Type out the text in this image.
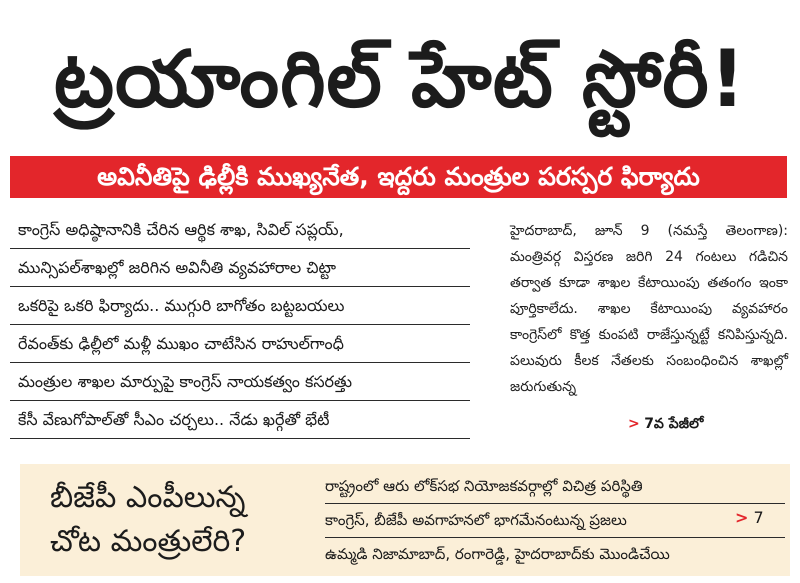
ట్రయాంగిల్ హేట్ స్టోరీ!
అవినీతిపై ఢిల్లీకి ముఖ్యనేత, ఇద్దరు మంత్రుల పరస్పర ఫిర్యాదు
కాంగ్రెస్ అధిష్ఠానానికి చేరిన ఆర్థిక శాఖ, సివిల్ సప్లయ్,
మున్సిపల్‌శాఖల్లో జరిగిన అవినీతి వ్యవహారాల చిట్టా
ఒకరిపై ఒకరి ఫిర్యాదు.. ముగ్గురి బాగోతం బట్టబయలు
రేవంత్‌కు ఢిల్లీలో మళ్లీ ముఖం చాటేసిన రాహుల్‌గాంధీ
మంత్రుల శాఖల మార్పుపై కాంగ్రెస్ నాయకత్వం కసరత్తు
కేసీ వేణుగోపాల్‌తో సీఎం చర్చలు.. నేడు ఖర్గేతో భేటీ
హైదరాబాద్, జూన్ 9 (నమస్తే తెలంగాణ): మంత్రివర్గ విస్తరణ జరిగి 24 గంటలు గడిచిన తర్వాత కూడా శాఖల కేటాయింపు తతంగం ఇంకా పూర్తికాలేదు. శాఖల కేటాయింపు వ్యవహారం కాంగ్రెస్‌లో కొత్త కుంపటి రాజేస్తున్నట్టే కనిపిస్తున్నది. పలువురు కీలక నేతలకు సంబంధించిన శాఖల్లో జరుగుతున్న
> 7వ పేజీలో
బీజేపీ ఎంపీలున్న
చోట మంత్రులేరి?
రాష్ట్రంలో ఆరు లోక్‌సభ నియోజకవర్గాల్లో విచిత్ర పరిస్థితి
కాంగ్రెస్, బీజేపీ అవగాహనలో భాగమేనంటున్న ప్రజలు
ఉమ్మడి నిజామాబాద్, రంగారెడ్డి, హైదరాబాద్‌కు మొండిచేయి
> 7
